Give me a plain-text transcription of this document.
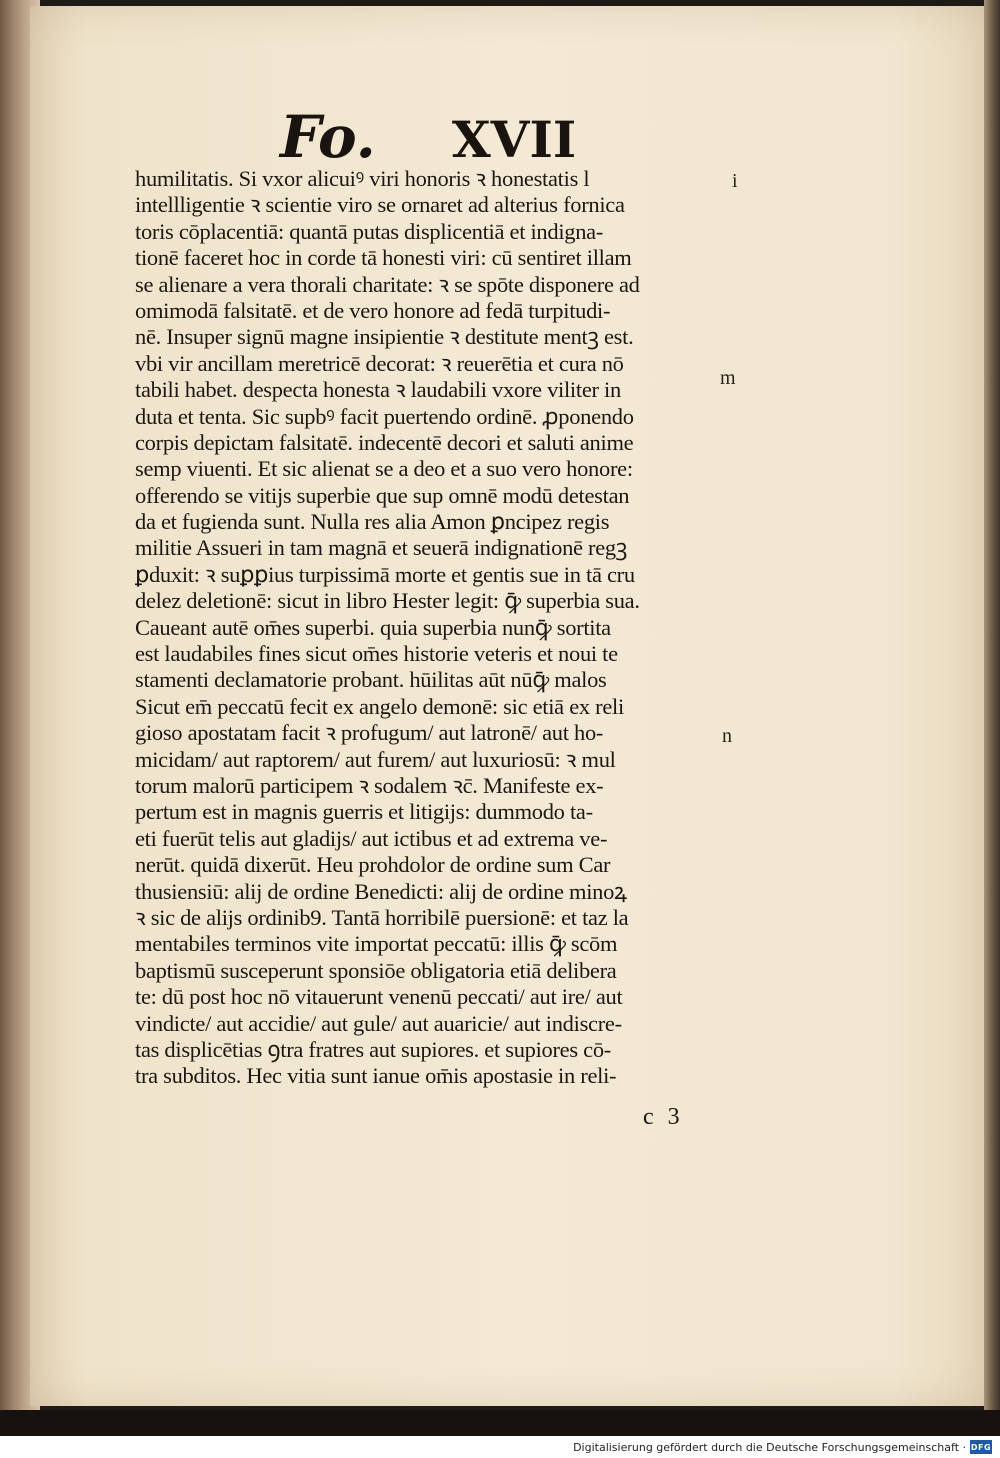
Fo. XVII
humilitatis. Si vxor alicuiꝰ viri honoris ꝛ honestatis l
intellligentie ꝛ scientie viro se ornaret ad alterius fornica
toris cōplacentiā: quantā putas displicentiā et indigna-
tionē faceret hoc in corde tā honesti viri: cū sentiret illam
se alienare a vera thorali charitate: ꝛ se spōte disponere ad
omimodā falsitatē. et de vero honore ad fedā turpitudi-
nē. Insuper signū magne insipientie ꝛ destitute mentꝫ est.
vbi vir ancillam meretricē decorat: ꝛ reuerētia et cura nō
tabili habet. despecta honesta ꝛ laudabili vxore viliter in
duta et tenta. Sic supbꝰ facit puertendo ordinē. ꝓponendo
corpis depictam falsitatē. indecentē decori et saluti anime
semp viuenti. Et sic alienat se a deo et a suo vero honore:
offerendo se vitijs superbie que sup omnē modū detestan
da et fugienda sunt. Nulla res alia Amon ꝑncipez regis
militie Assueri in tam magnā et seuerā indignationē regꝫ
ꝑduxit: ꝛ suꝑꝑius turpissimā morte et gentis sue in tā cru
delez deletionē: sicut in libro Hester legit: ꝙ̄ superbia sua.
Caueant autē om̄es superbi. quia superbia nunꝙ̄ sortita
est laudabiles fines sicut om̄es historie veteris et noui te
stamenti declamatorie probant. hūilitas aūt nūꝙ̄ malos
Sicut em̄ peccatū fecit ex angelo demonē: sic etiā ex reli
gioso apostatam facit ꝛ profugum/ aut latronē/ aut ho-
micidam/ aut raptorem/ aut furem/ aut luxuriosū: ꝛ mul
torum malorū participem ꝛ sodalem ꝛc̄. Manifeste ex-
pertum est in magnis guerris et litigijs: dummodo ta-
eti fuerūt telis aut gladijs/ aut ictibus et ad extrema ve-
nerūt. quidā dixerūt. Heu prohdolor de ordine sum Car
thusiensiū: alij de ordine Benedicti: alij de ordine minoꝝ
ꝛ sic de alijs ordinib9. Tantā horribilē puersionē: et taz la
mentabiles terminos vite importat peccatū: illis ꝙ̄ scōm
baptismū susceperunt sponsiōe obligatoria etiā delibera
te: dū post hoc nō vitauerunt venenū peccati/ aut ire/ aut
vindicte/ aut accidie/ aut gule/ aut auaricie/ aut indiscre-
tas displicētias ꝯtra fratres aut supiores. et supiores cō-
tra subditos. Hec vitia sunt ianue om̄is apostasie in reli-
i
m
n
c 3
Digitalisierung gefördert durch die Deutsche Forschungsgemeinschaft · DFG
